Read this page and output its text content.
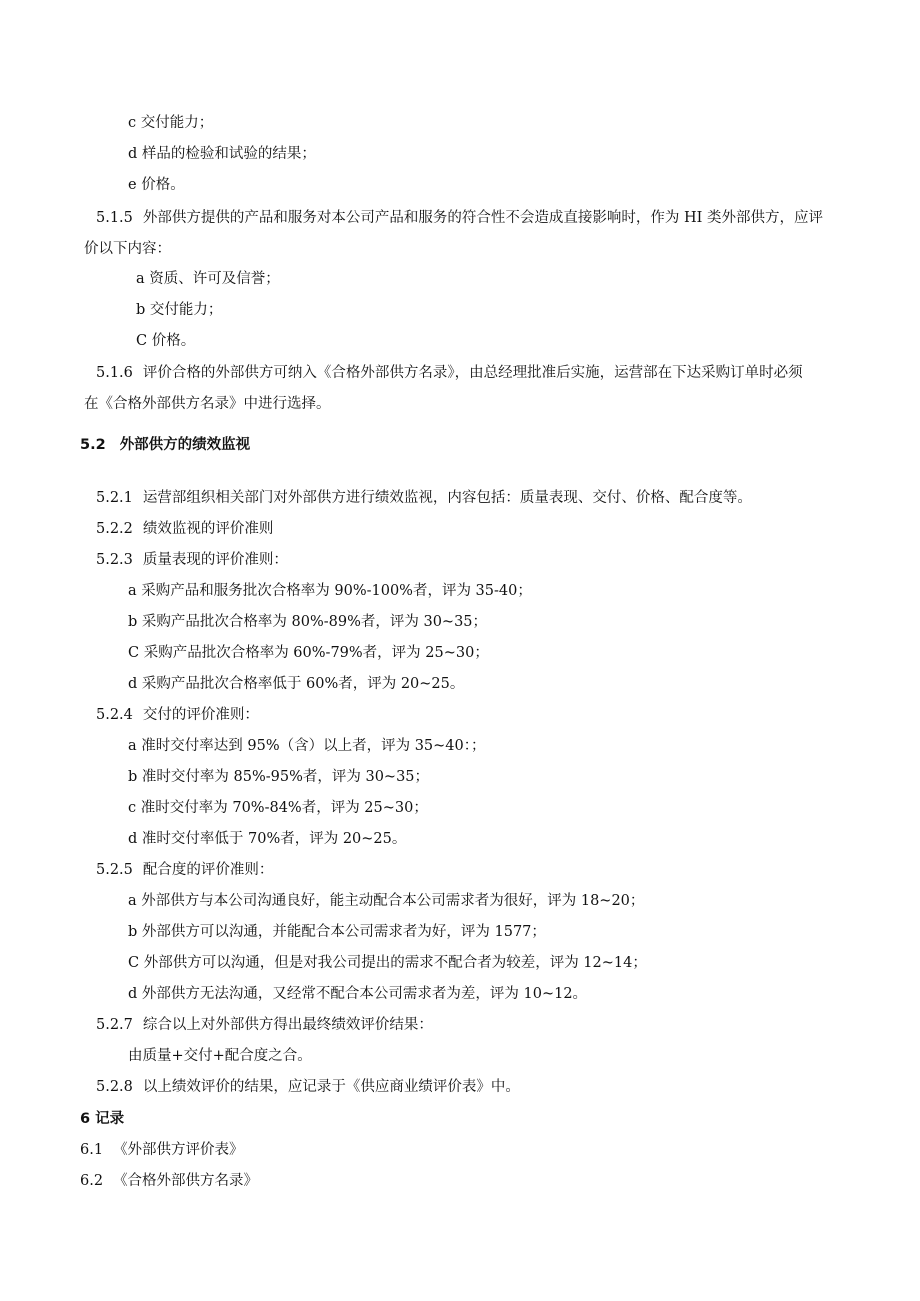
c 交付能力；
d 样品的检验和试验的结果；
e 价格。
5.1.5 外部供方提供的产品和服务对本公司产品和服务的符合性不会造成直接影响时，作为 HI 类外部供方，应评
价以下内容：
a 资质、许可及信誉；
b 交付能力；
C 价格。
5.1.6 评价合格的外部供方可纳入《合格外部供方名录》，由总经理批准后实施，运营部在下达采购订单时必须
在《合格外部供方名录》中进行选择。
5.2 外部供方的绩效监视
5.2.1 运营部组织相关部门对外部供方进行绩效监视，内容包括：质量表现、交付、价格、配合度等。
5.2.2 绩效监视的评价准则
5.2.3 质量表现的评价准则：
a 采购产品和服务批次合格率为 90%-100%者，评为 35-40；
b 采购产品批次合格率为 80%-89%者，评为 30~35；
C 采购产品批次合格率为 60%-79%者，评为 25~30；
d 采购产品批次合格率低于 60%者，评为 20~25。
5.2.4 交付的评价准则：
a 准时交付率达到 95%（含）以上者，评为 35~40：；
b 准时交付率为 85%-95%者，评为 30~35；
c 准时交付率为 70%-84%者，评为 25~30；
d 准时交付率低于 70%者，评为 20~25。
5.2.5 配合度的评价准则：
a 外部供方与本公司沟通良好，能主动配合本公司需求者为很好，评为 18~20；
b 外部供方可以沟通，并能配合本公司需求者为好，评为 1577；
C 外部供方可以沟通，但是对我公司提出的需求不配合者为较差，评为 12~14；
d 外部供方无法沟通，又经常不配合本公司需求者为差，评为 10~12。
5.2.7 综合以上对外部供方得出最终绩效评价结果：
由质量+交付+配合度之合。
5.2.8 以上绩效评价的结果，应记录于《供应商业绩评价表》中。
6 记录
6.1 《外部供方评价表》
6.2 《合格外部供方名录》
